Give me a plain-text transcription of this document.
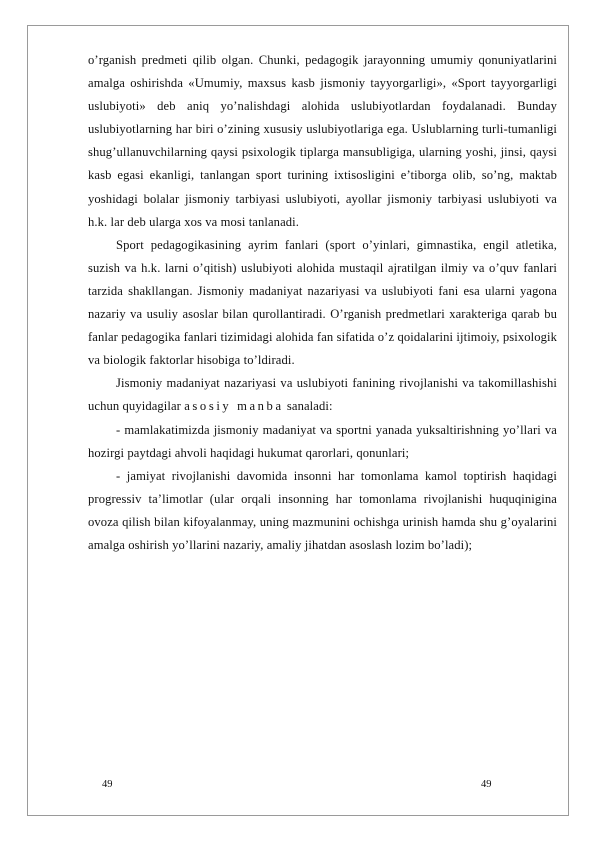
o’rganish predmeti qilib olgan. Chunki, pedagogik jarayonning umumiy qonuniyatlarini amalga oshirishda «Umumiy, maxsus kasb jismoniy tayyorgarligi», «Sport tayyorgarligi uslubiyoti» deb aniq yo’nalishdagi alohida uslubiyotlardan foydalanadi. Bunday uslubiyotlarning har biri o’zining xususiy uslubiyotlariga ega. Uslublarning turli-tumanligi shug’ullanuvchilarning qaysi psixologik tiplarga mansubligiga, ularning yoshi, jinsi, qaysi kasb egasi ekanligi, tanlangan sport turining ixtisosligini e’tiborga olib, so’ng, maktab yoshidagi bolalar jismoniy tarbiyasi uslubiyoti, ayollar jismoniy tarbiyasi uslubiyoti va h.k. lar deb ularga xos va mosi tanlanadi.

Sport pedagogikasining ayrim fanlari (sport o’yinlari, gimnastika, engil atletika, suzish va h.k. larni o’qitish) uslubiyoti alohida mustaqil ajratilgan ilmiy va o’quv fanlari tarzida shakllangan. Jismoniy madaniyat nazariyasi va uslubiyoti fani esa ularni yagona nazariy va usuliy asoslar bilan qurollantiradi. O’rganish predmetlari xarakteriga qarab bu fanlar pedagogika fanlari tizimidagi alohida fan sifatida o’z qoidalarini ijtimoiy, psixologik va biologik faktorlar hisobiga to’ldiradi.

Jismoniy madaniyat nazariyasi va uslubiyoti fanining rivojlanishi va takomillashishi uchun quyidagilar asosiy manba sanaladi:

- mamlakatimizda jismoniy madaniyat va sportni yanada yuksaltirishning yo’llari va hozirgi paytdagi ahvoli haqidagi hukumat qarorlari, qonunlari;

- jamiyat rivojlanishi davomida insonni har tomonlama kamol toptirish haqidagi progressiv ta’limotlar (ular orqali insonning har tomonlama rivojlanishi huquqinigina ovoza qilish bilan kifoyalanmay, uning mazmunini ochishga urinish hamda shu g’oyalarini amalga oshirish yo’llarini nazariy, amaliy jihatdan asoslash lozim bo’ladi);

49	49
